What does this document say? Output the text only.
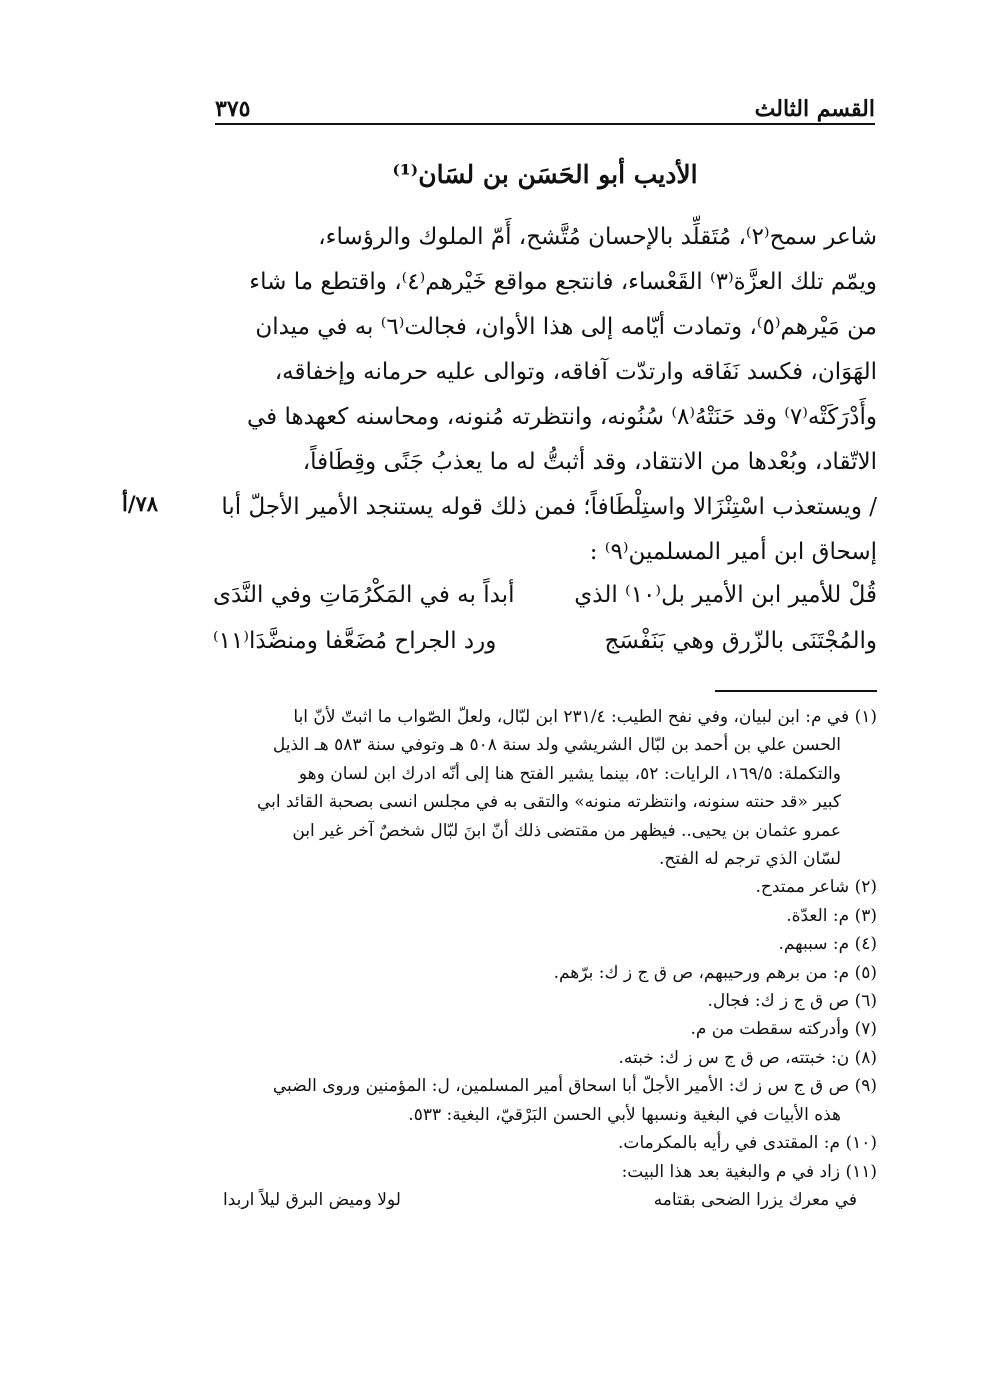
القسم الثالث
٣٧٥
الأديب أبو الحَسَن بن لسَان⁽¹⁾
شاعر سمح⁽٢⁾، مُتَقلِّد بالإحسان مُتَّشح، أَمّ الملوك والرؤساء،
ويمّم تلك العزَّة⁽٣⁾ القَعْساء، فانتجع مواقع خَيْرهم⁽٤⁾، واقتطع ما شاء
من مَيْرهم⁽٥⁾، وتمادت أيّامه إلى هذا الأوان، فجالت⁽٦⁾ به في ميدان
الهَوَان، فكسد نَفَاقه وارتدّت آفاقه، وتوالى عليه حرمانه وإخفاقه،
وأَدْرَكَتْه⁽٧⁾ وقد حَنَتْهُ⁽٨⁾ سُنُونه، وانتظرته مُنونه، ومحاسنه كعهدها في
الاتّقاد، وبُعْدها من الانتقاد، وقد أثبتُّ له ما يعذبُ جَنًى وقِطَافاً،
/ ويستعذب اسْتِنْزَالا واستِلْطَافاً؛ فمن ذلك قوله يستنجد الأمير الأجلّ أبا
إسحاق ابن أمير المسلمين⁽٩⁾ :
٧٨/أ
قُلْ للأمير ابن الأمير بل⁽١٠⁾ الذي
أبداً به في المَكْرُمَاتِ وفي النَّدَى
والمُجْتَنَى بالزّرق وهي بَنَفْسَج
ورد الجراح مُضَعَّفا ومنضَّدَا⁽١١⁾
(١) في م: ابن لبيان، وفي نفح الطيب: ٢٣١/٤ ابن لبّال، ولعلّ الصّواب ما اثبتّ لأنّ ابا
الحسن علي بن أحمد بن لبّال الشريشي ولد سنة ٥٠٨ هـ وتوفي سنة ٥٨٣ هـ الذيل
والتكملة: ١٦٩/٥، الرايات: ٥٢، بينما يشير الفتح هنا إلى أنّه ادرك ابن لسان وهو
كبير «قد حنته سنونه، وانتظرته منونه» والتقى به في مجلس انسى بصحبة القائد ابي
عمرو عثمان بن يحيى.. فيظهر من مقتضى ذلك أنّ ابنَ لبّال شخصٌ آخر غير ابن
لسّان الذي ترجم له الفتح.
(٢) شاعر ممتدح.
(٣) م: العدّة.
(٤) م: سببهم.
(٥) م: من برهم ورحيبهم، ص ق ج ز ك: برّهم.
(٦) ص ق ج ز ك: فجال.
(٧) وأدركته سقطت من م.
(٨) ن: خبتته، ص ق ج س ز ك: خبته.
(٩) ص ق ج س ز ك: الأمير الأجلّ أبا اسحاق أمير المسلمين، ل: المؤمنين وروى الضبي
هذه الأبيات في البغية ونسبها لأبي الحسن البَرْقيّ، البغية: ٥٣٣.
(١٠) م: المقتدى في رأيه بالمكرمات.
(١١) زاد في م والبغية بعد هذا البيت:
في معرك يزرا الضحى بقتامه
لولا وميض البرق ليلاً اربدا
